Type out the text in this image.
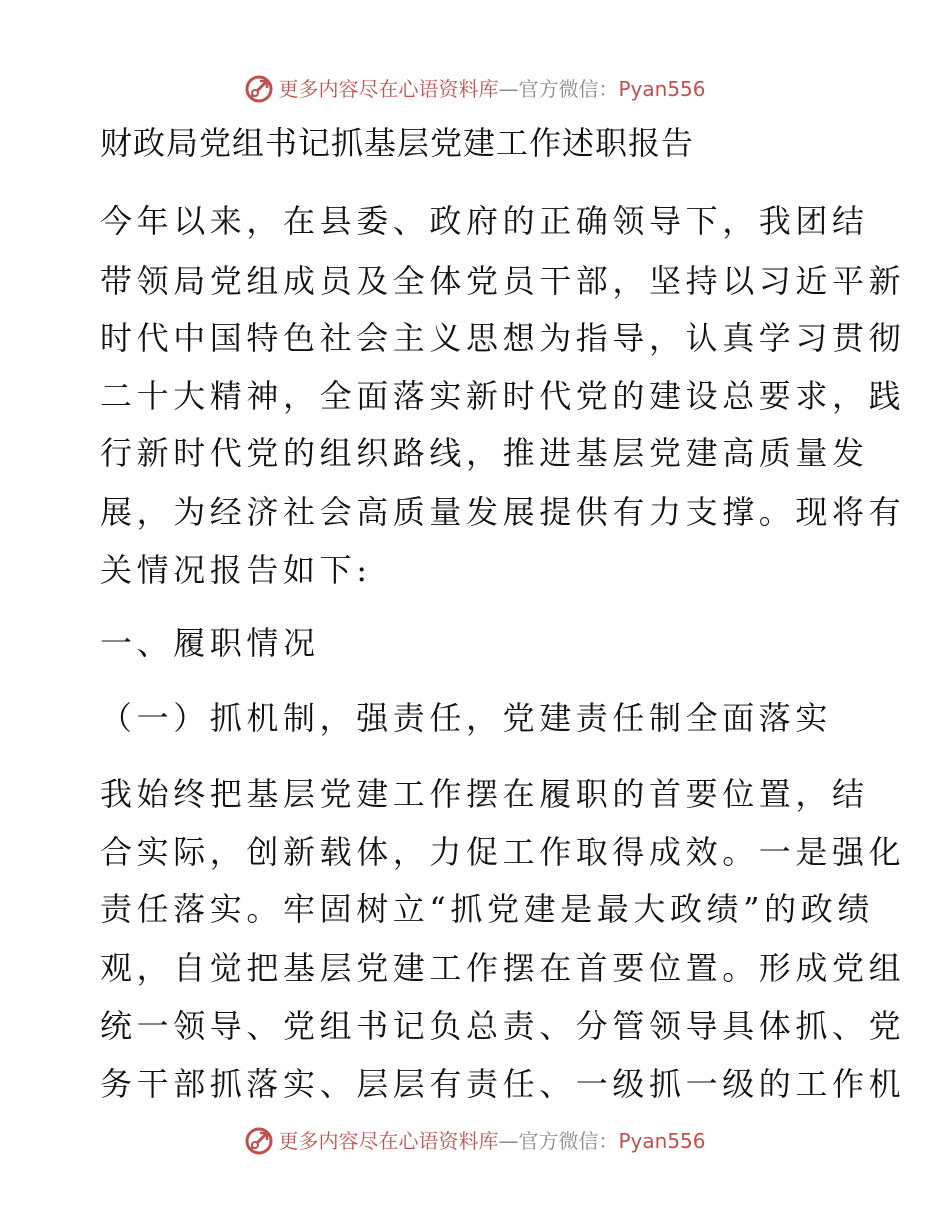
更多内容尽在心语资料库 — 官方微信 ： Pyan556
财政局党组书记抓基层党建工作述职报告
今年以来，在县委、政府的正确领导下，我团结
带领局党组成员及全体党员干部，坚持以习近平新
时代中国特色社会主义思想为指导，认真学习贯彻
二十大精神，全面落实新时代党的建设总要求，践
行新时代党的组织路线，推进基层党建高质量发
展，为经济社会高质量发展提供有力支撑。现将有
关情况报告如下:
一、履职情况
（一）抓机制，强责任，党建责任制全面落实
我始终把基层党建工作摆在履职的首要位置，结
合实际，创新载体，力促工作取得成效。一是强化
责任落实。牢固树立“抓党建是最大政绩”的政绩
观，自觉把基层党建工作摆在首要位置。形成党组
统一领导、党组书记负总责、分管领导具体抓、党
务干部抓落实、层层有责任、一级抓一级的工作机
更多内容尽在心语资料库 — 官方微信 ： Pyan556
